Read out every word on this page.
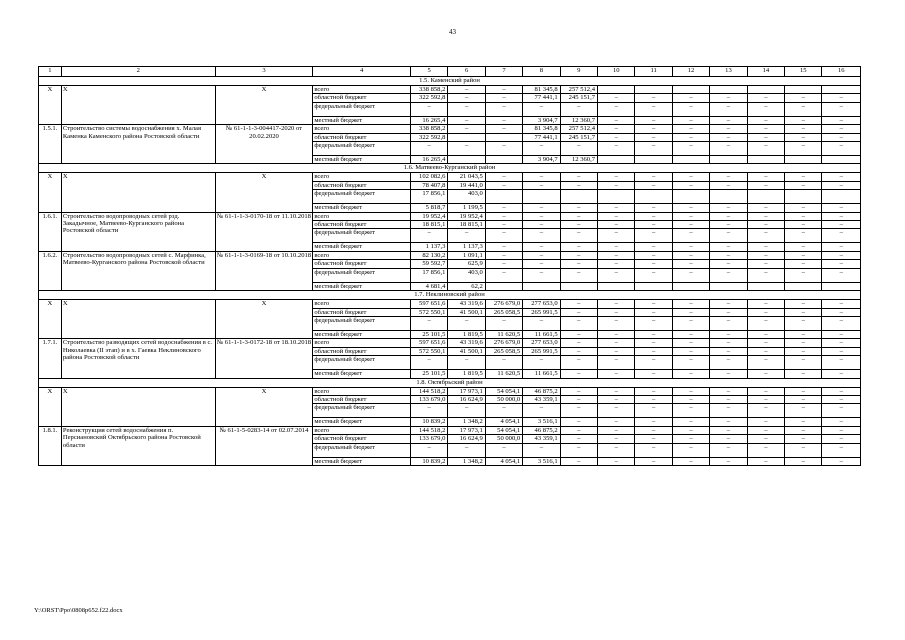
43
1	2	3	4	5	6	7	8	9	10	11	12	13	14	15	16
1.5. Каменский район															
X	X	X	всего	338 858,2	–	–	81 345,8	257 512,4							
			областной бюджет	322 592,8	–	–	77 441,1	245 151,7	–	–	–	–	–	–	–
			федеральный бюджет	–	–	–	–	–	–	–	–	–	–	–	–
			местный бюджет	16 265,4	–	–	3 904,7	12 360,7	–	–	–	–	–	–	–
1.5.1.	Строительство системы водоснабжения х. Малая Каменка Каменского района Ростовской области	№ 61-1-1-3-004417-2020 от 20.02.2020	всего	338 858,2	–	–	81 345,8	257 512,4	–	–	–	–	–	–	–
			областной бюджет	322 592,8			77 441,1	245 151,7	–	–	–	–	–	–	–
			федеральный бюджет	–	–	–	–	–	–	–	–	–	–	–	–
			местный бюджет	16 265,4			3 904,7	12 360,7							
1.6. Матвеево-Курганский район															
X	X	X	всего	102 082,6	21 043,5	–	–	–	–	–	–	–	–	–	–
			областной бюджет	78 407,8	19 441,0	–	–	–	–	–	–	–	–	–	–
			федеральный бюджет	17 856,1	403,0										
			местный бюджет	5 818,7	1 199,5	–	–	–	–	–	–	–	–	–	–
1.6.1.	Строительство водопроводных сетей рзд. Закадычное, Матвеево-Курганского района Ростовской области	№ 61-1-1-3-0170-18 от 11.10.2018	всего	19 952,4	19 952,4	–	–	–	–	–	–	–	–	–	–
			областной бюджет	18 815,1	18 815,1	–	–	–	–	–	–	–	–	–	–
			федеральный бюджет	–	–	–	–	–	–	–	–	–	–	–	–
			местный бюджет	1 137,3	1 137,3	–	–	–	–	–	–	–	–	–	–
1.6.2.	Строительство водопроводных сетей с. Марфинка, Матвеево-Курганского района Ростовской области	№ 61-1-1-3-0169-18 от 10.10.2018	всего	82 130,2	1 091,1	–	–	–	–	–	–	–	–	–	–
			областной бюджет	59 592,7	625,9	–	–	–	–	–	–	–	–	–	–
			федеральный бюджет	17 856,1	403,0	–	–	–	–	–	–	–	–	–	–
			местный бюджет	4 681,4	62,2										
1.7. Неклиновский район															
X	X	X	всего	597 651,6	43 319,6	276 679,0	277 653,0	–	–	–	–	–	–	–	–
			областной бюджет	572 550,1	41 500,1	265 058,5	265 991,5	–	–	–	–	–	–	–	–
			федеральный бюджет	–	–	–	–	–	–	–	–	–	–	–	–
			местный бюджет	25 101,5	1 819,5	11 620,5	11 661,5	–	–	–	–	–	–	–	–
1.7.1.	Строительство разводящих сетей водоснабжения в с. Николаевка (II этап) и в х. Гаевка Неклиновского района Ростовской области	№ 61-1-1-3-0172-18 от 18.10.2018	всего	597 651,6	43 319,6	276 679,0	277 653,0	–	–	–	–	–	–	–	–
			областной бюджет	572 550,1	41 500,1	265 058,5	265 991,5	–	–	–	–	–	–	–	–
			федеральный бюджет	–	–	–	–	–	–	–	–	–	–	–	–
			местный бюджет	25 101,5	1 819,5	11 620,5	11 661,5	–	–	–	–	–	–	–	–
1.8. Октябрьский район															
X	X	X	всего	144 518,2	17 973,1	54 054,1	46 875,2	–	–	–	–	–	–	–	–
			областной бюджет	133 679,0	16 624,9	50 000,0	43 359,1	–	–	–	–	–	–	–	–
			федеральный бюджет	–	–	–	–	–	–	–	–	–	–	–	–
			местный бюджет	10 839,2	1 348,2	4 054,1	3 516,1	–	–	–	–	–	–	–	–
1.8.1.	Реконструкция сетей водоснабжения п. Персиановский Октябрьского района Ростовской области	№ 61-1-5-0283-14 от 02.07.2014	всего	144 518,2	17 973,1	54 054,1	46 875,2	–	–	–	–	–	–	–	–
			областной бюджет	133 679,0	16 624,9	50 000,0	43 359,1	–	–	–	–	–	–	–	–
			федеральный бюджет	–	–	–	–	–	–	–	–	–	–	–	–
			местный бюджет	10 839,2	1 348,2	4 054,1	3 516,1	–	–	–	–	–	–	–	–
Y:\ORST\Ppo\0808p652.f22.docx
